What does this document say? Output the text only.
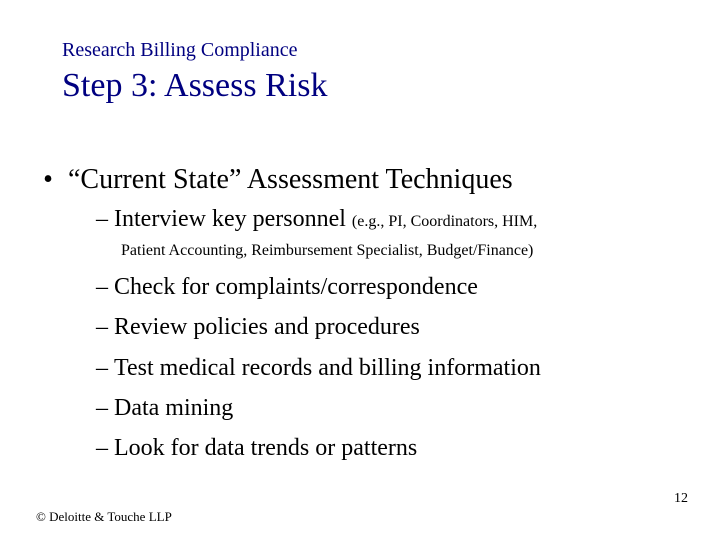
Research Billing Compliance
Step 3: Assess Risk
• “Current State” Assessment Techniques
– Interview key personnel (e.g., PI, Coordinators, HIM,
Patient Accounting, Reimbursement Specialist, Budget/Finance)
– Check for complaints/correspondence
– Review policies and procedures
– Test medical records and billing information
– Data mining
– Look for data trends or patterns
12
© Deloitte & Touche LLP
